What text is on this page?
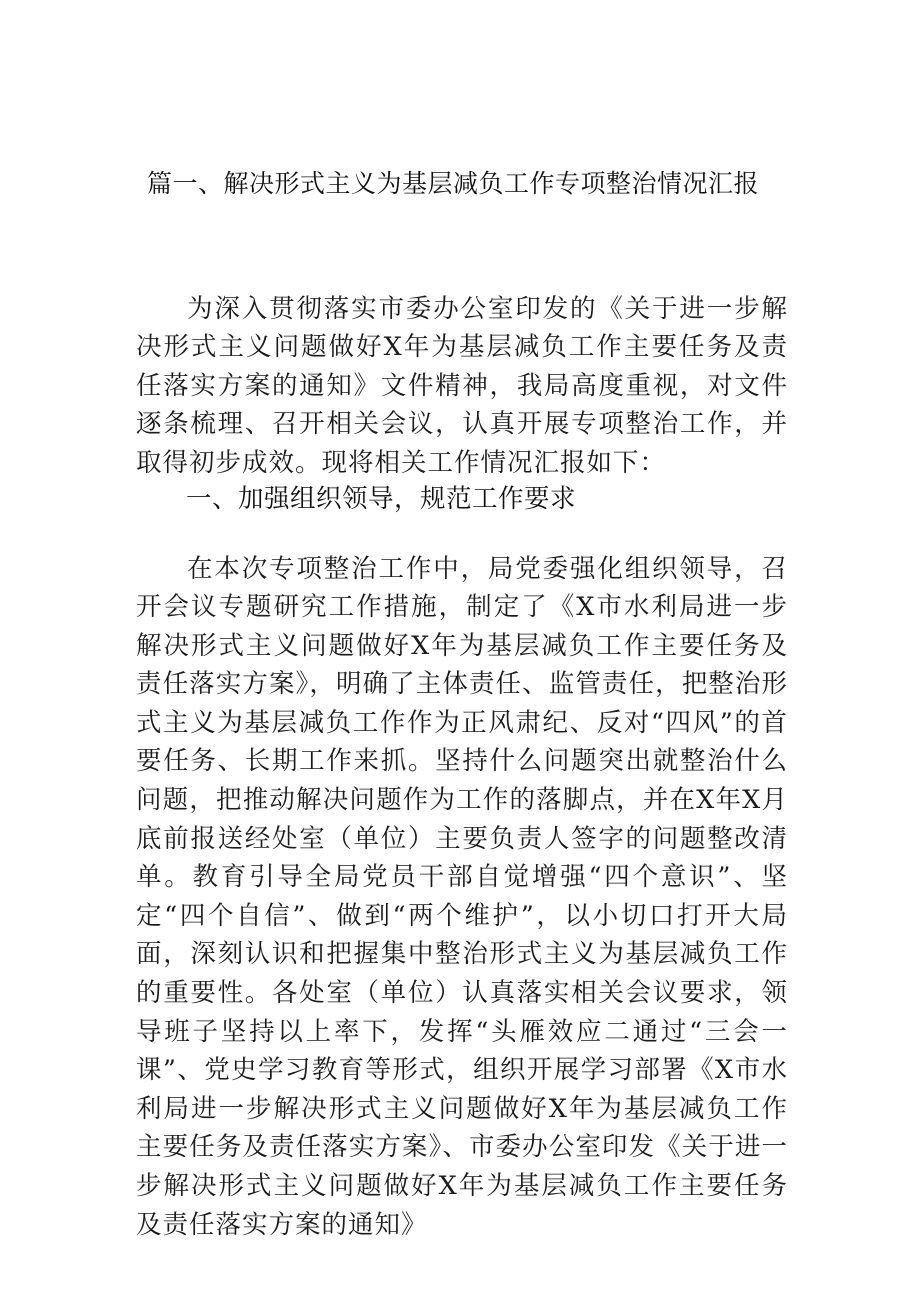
篇一、解决形式主义为基层减负工作专项整治情况汇报

为深入贯彻落实市委办公室印发的《关于进一步解决形式主义问题做好X年为基层减负工作主要任务及责任落实方案的通知》文件精神，我局高度重视，对文件逐条梳理、召开相关会议，认真开展专项整治工作，并取得初步成效。现将相关工作情况汇报如下：

一、加强组织领导，规范工作要求

在本次专项整治工作中，局党委强化组织领导，召开会议专题研究工作措施，制定了《X市水利局进一步解决形式主义问题做好X年为基层减负工作主要任务及责任落实方案》，明确了主体责任、监管责任，把整治形式主义为基层减负工作作为正风肃纪、反对“四风”的首要任务、长期工作来抓。坚持什么问题突出就整治什么问题，把推动解决问题作为工作的落脚点，并在X年X月底前报送经处室（单位）主要负责人签字的问题整改清单。教育引导全局党员干部自觉增强“四个意识”、坚定“四个自信”、做到“两个维护”，以小切口打开大局面，深刻认识和把握集中整治形式主义为基层减负工作的重要性。各处室（单位）认真落实相关会议要求，领导班子坚持以上率下，发挥“头雁效应二通过“三会一课”、党史学习教育等形式，组织开展学习部署《X市水利局进一步解决形式主义问题做好X年为基层减负工作主要任务及责任落实方案》、市委办公室印发《关于进一步解决形式主义问题做好X年为基层减负工作主要任务及责任落实方案的通知》
